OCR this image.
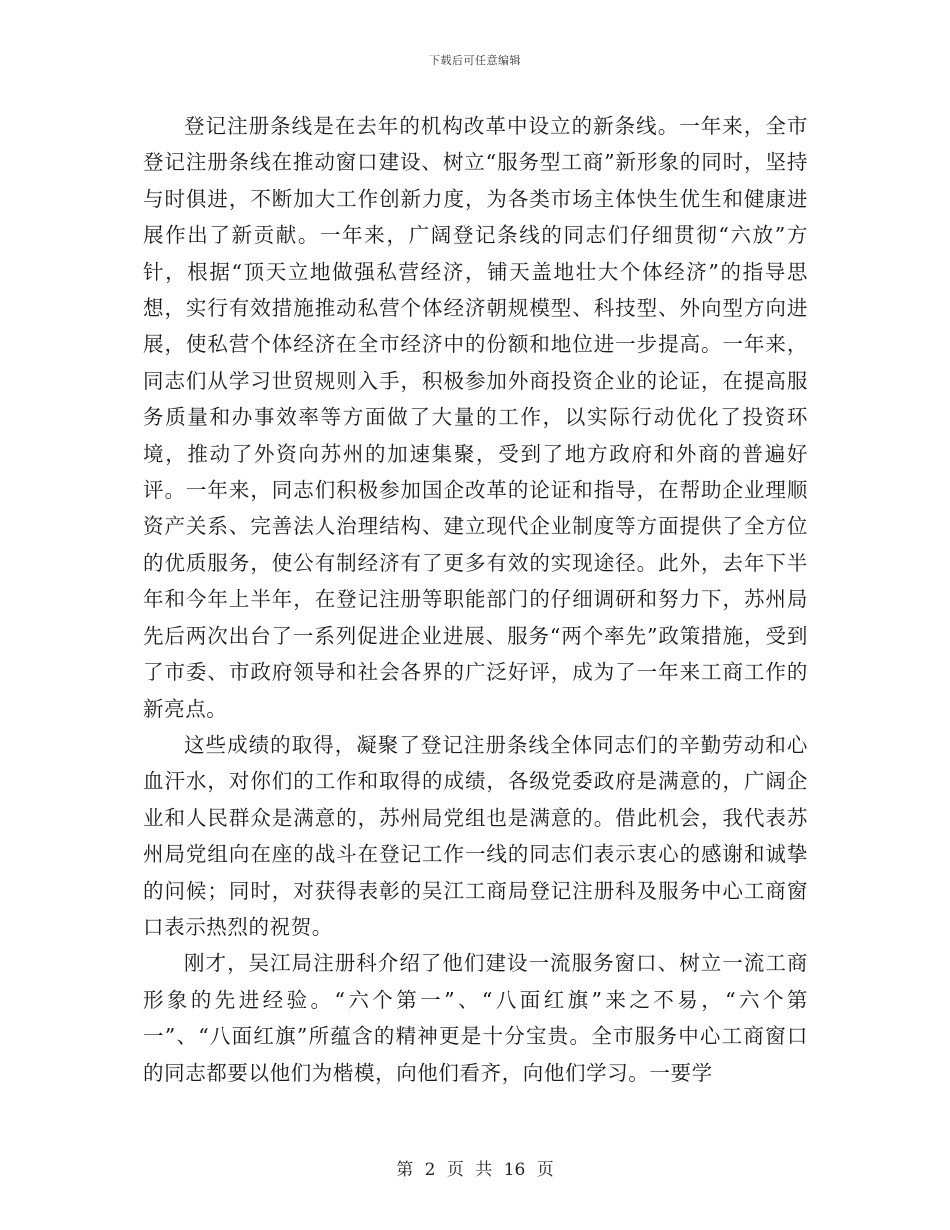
下载后可任意编辑

登记注册条线是在去年的机构改革中设立的新条线。一年来，全市登记注册条线在推动窗口建设、树立“服务型工商”新形象的同时，坚持与时俱进，不断加大工作创新力度，为各类市场主体快生优生和健康进展作出了新贡献。一年来，广阔登记条线的同志们仔细贯彻“六放”方针，根据“顶天立地做强私营经济，铺天盖地壮大个体经济”的指导思想，实行有效措施推动私营个体经济朝规模型、科技型、外向型方向进展，使私营个体经济在全市经济中的份额和地位进一步提高。一年来，同志们从学习世贸规则入手，积极参加外商投资企业的论证，在提高服务质量和办事效率等方面做了大量的工作，以实际行动优化了投资环境，推动了外资向苏州的加速集聚，受到了地方政府和外商的普遍好评。一年来，同志们积极参加国企改革的论证和指导，在帮助企业理顺资产关系、完善法人治理结构、建立现代企业制度等方面提供了全方位的优质服务，使公有制经济有了更多有效的实现途径。此外，去年下半年和今年上半年，在登记注册等职能部门的仔细调研和努力下，苏州局先后两次出台了一系列促进企业进展、服务“两个率先”政策措施，受到了市委、市政府领导和社会各界的广泛好评，成为了一年来工商工作的新亮点。

这些成绩的取得，凝聚了登记注册条线全体同志们的辛勤劳动和心血汗水，对你们的工作和取得的成绩，各级党委政府是满意的，广阔企业和人民群众是满意的，苏州局党组也是满意的。借此机会，我代表苏州局党组向在座的战斗在登记工作一线的同志们表示衷心的感谢和诚挚的问候；同时，对获得表彰的吴江工商局登记注册科及服务中心工商窗口表示热烈的祝贺。

刚才，吴江局注册科介绍了他们建设一流服务窗口、树立一流工商形象的先进经验。“六个第一”、“八面红旗”来之不易，“六个第一”、“八面红旗”所蕴含的精神更是十分宝贵。全市服务中心工商窗口的同志都要以他们为楷模，向他们看齐，向他们学习。一要学

第 2 页 共 16 页
